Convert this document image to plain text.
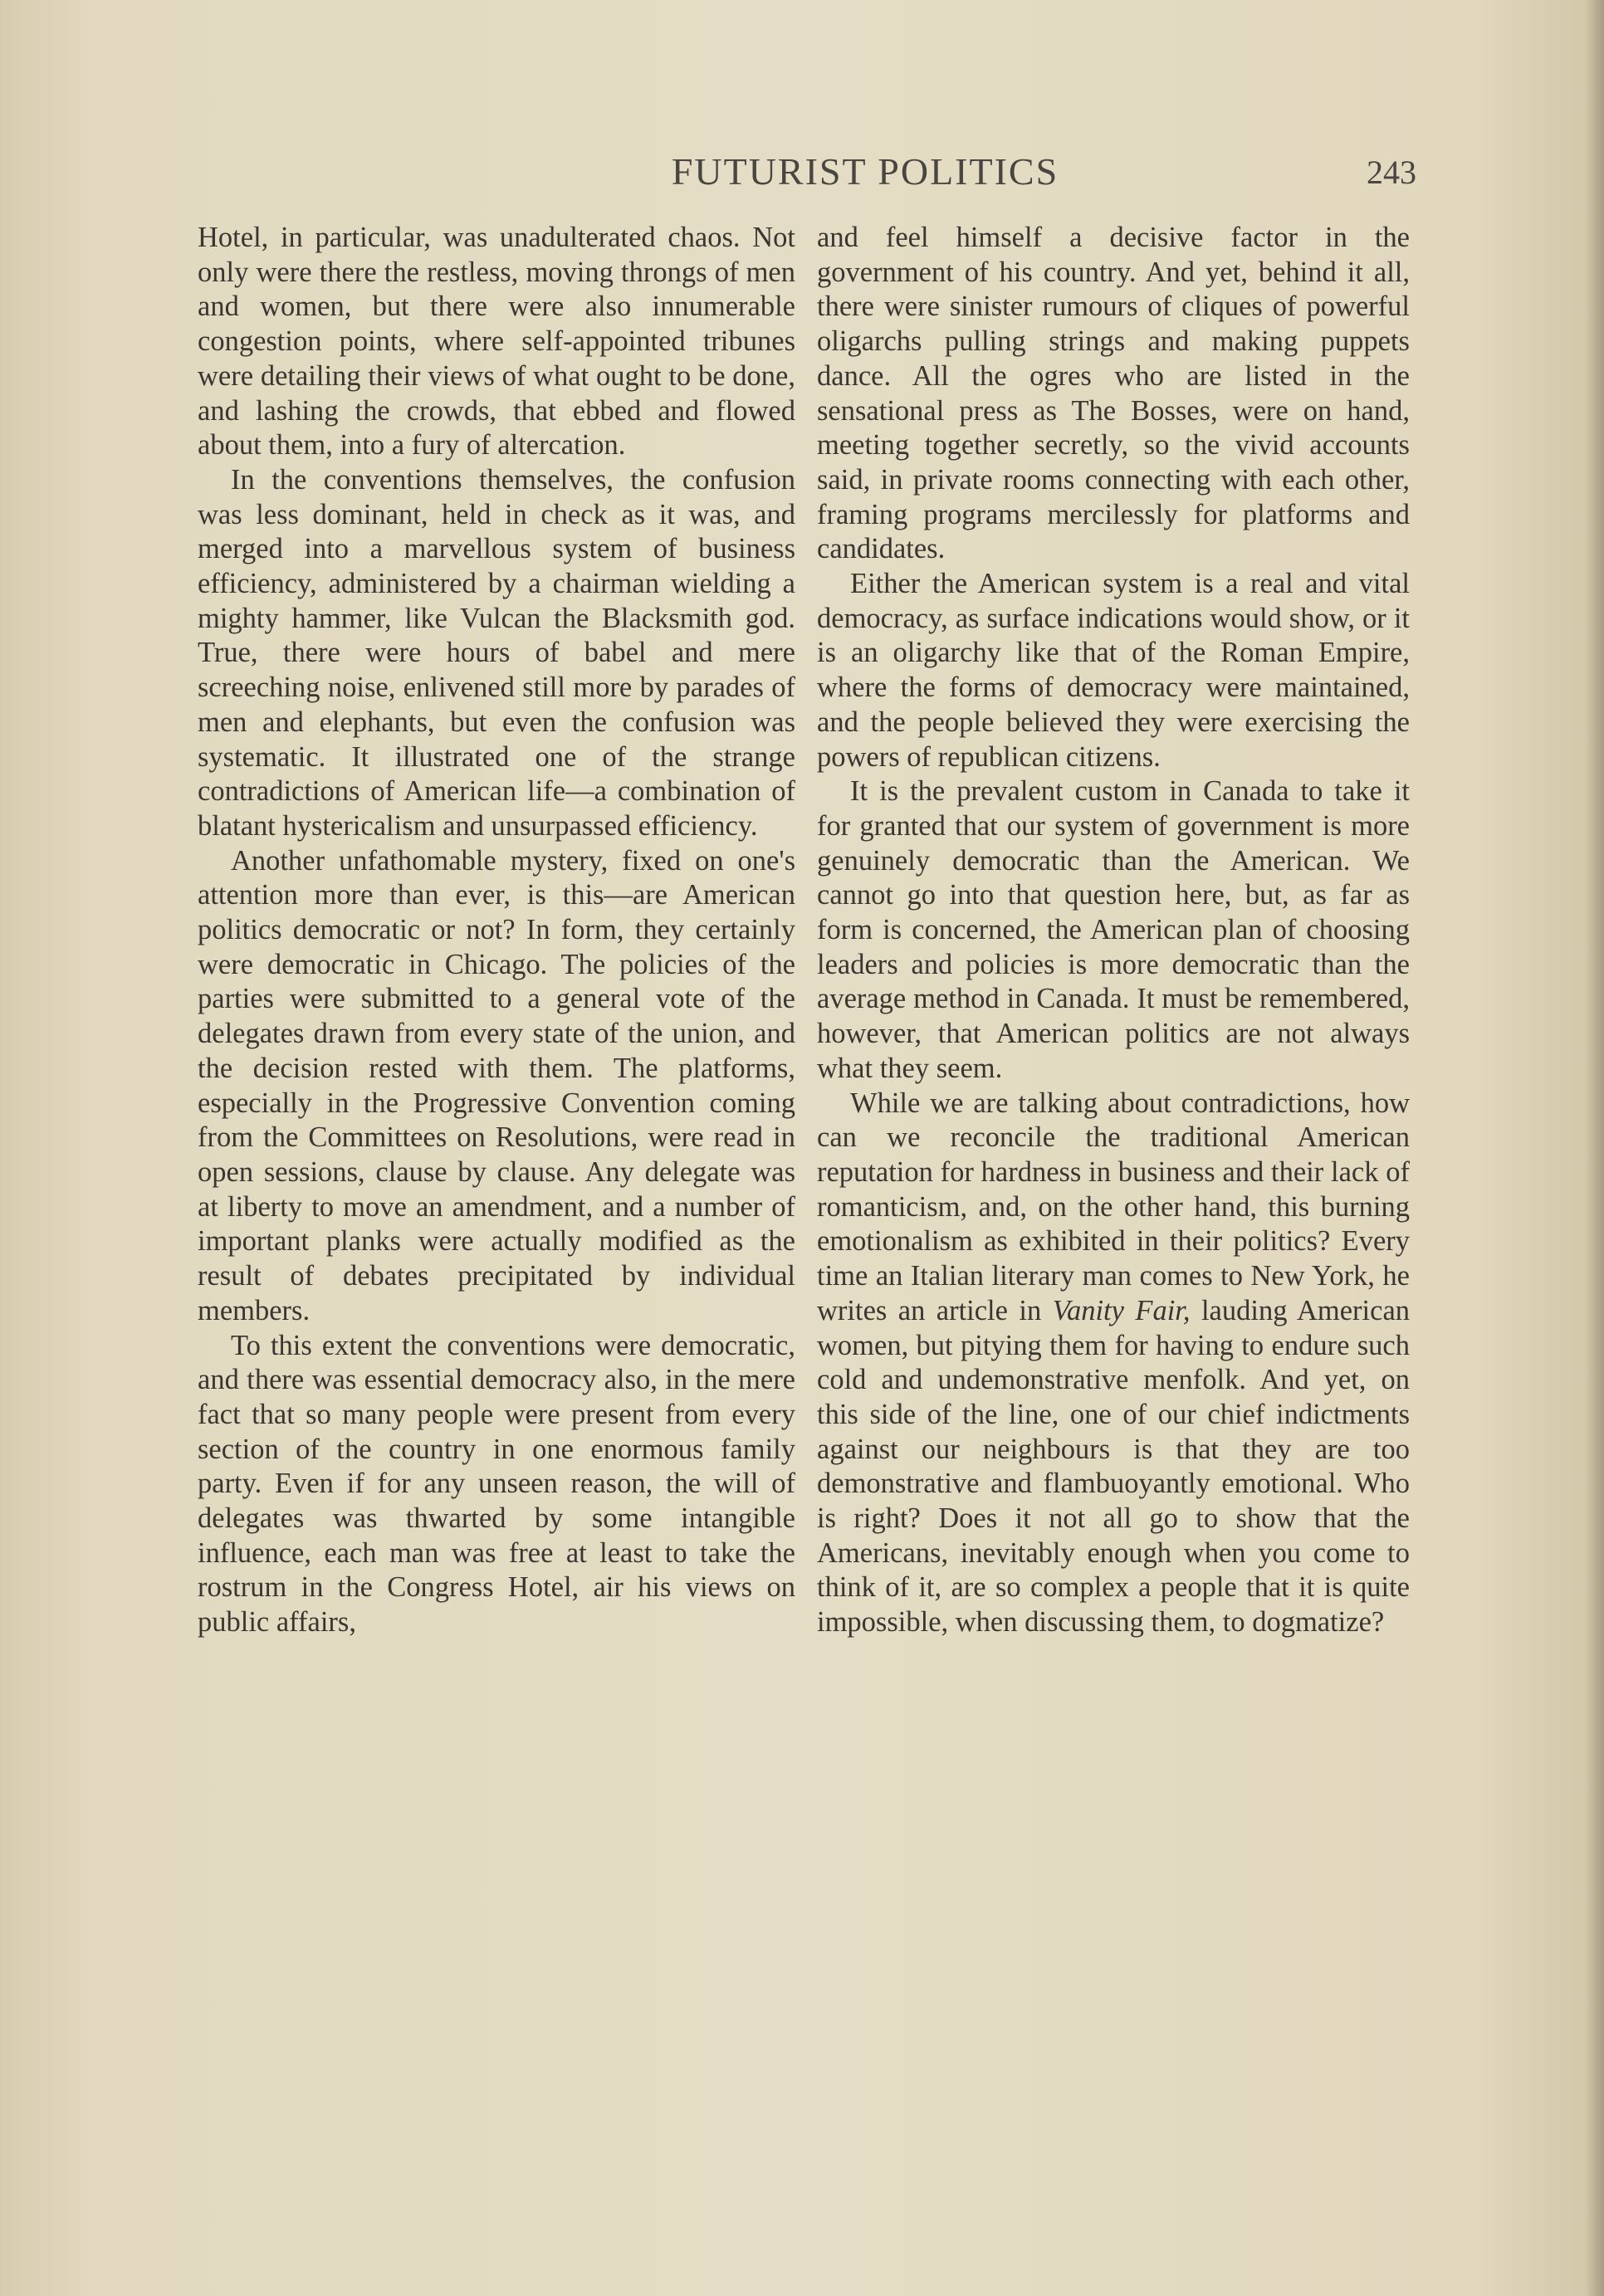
FUTURIST POLITICS	243

Hotel, in particular, was unadulterated chaos. Not only were there the restless, moving throngs of men and women, but there were also innumerable congestion points, where self-appointed tribunes were detailing their views of what ought to be done, and lashing the crowds, that ebbed and flowed about them, into a fury of altercation.

In the conventions themselves, the confusion was less dominant, held in check as it was, and merged into a marvellous system of business efficiency, administered by a chairman wielding a mighty hammer, like Vulcan the Blacksmith god. True, there were hours of babel and mere screeching noise, enlivened still more by parades of men and elephants, but even the confusion was systematic. It illustrated one of the strange contradictions of American life—a combination of blatant hystericalism and unsurpassed efficiency.

Another unfathomable mystery, fixed on one's attention more than ever, is this—are American politics democratic or not? In form, they certainly were democratic in Chicago. The policies of the parties were submitted to a general vote of the delegates drawn from every state of the union, and the decision rested with them. The platforms, especially in the Progressive Convention coming from the Committees on Resolutions, were read in open sessions, clause by clause. Any delegate was at liberty to move an amendment, and a number of important planks were actually modified as the result of debates precipitated by individual members.

To this extent the conventions were democratic, and there was essential democracy also, in the mere fact that so many people were present from every section of the country in one enormous family party. Even if for any unseen reason, the will of delegates was thwarted by some intangible influence, each man was free at least to take the rostrum in the Congress Hotel, air his views on public affairs,

and feel himself a decisive factor in the government of his country. And yet, behind it all, there were sinister rumours of cliques of powerful oligarchs pulling strings and making puppets dance. All the ogres who are listed in the sensational press as The Bosses, were on hand, meeting together secretly, so the vivid accounts said, in private rooms connecting with each other, framing programs mercilessly for platforms and candidates.

Either the American system is a real and vital democracy, as surface indications would show, or it is an oligarchy like that of the Roman Empire, where the forms of democracy were maintained, and the people believed they were exercising the powers of republican citizens.

It is the prevalent custom in Canada to take it for granted that our system of government is more genuinely democratic than the American. We cannot go into that question here, but, as far as form is concerned, the American plan of choosing leaders and policies is more democratic than the average method in Canada. It must be remembered, however, that American politics are not always what they seem.

While we are talking about contradictions, how can we reconcile the traditional American reputation for hardness in business and their lack of romanticism, and, on the other hand, this burning emotionalism as exhibited in their politics? Every time an Italian literary man comes to New York, he writes an article in Vanity Fair, lauding American women, but pitying them for having to endure such cold and undemonstrative menfolk. And yet, on this side of the line, one of our chief indictments against our neighbours is that they are too demonstrative and flambuoyantly emotional. Who is right? Does it not all go to show that the Americans, inevitably enough when you come to think of it, are so complex a people that it is quite impossible, when discussing them, to dogmatize?
